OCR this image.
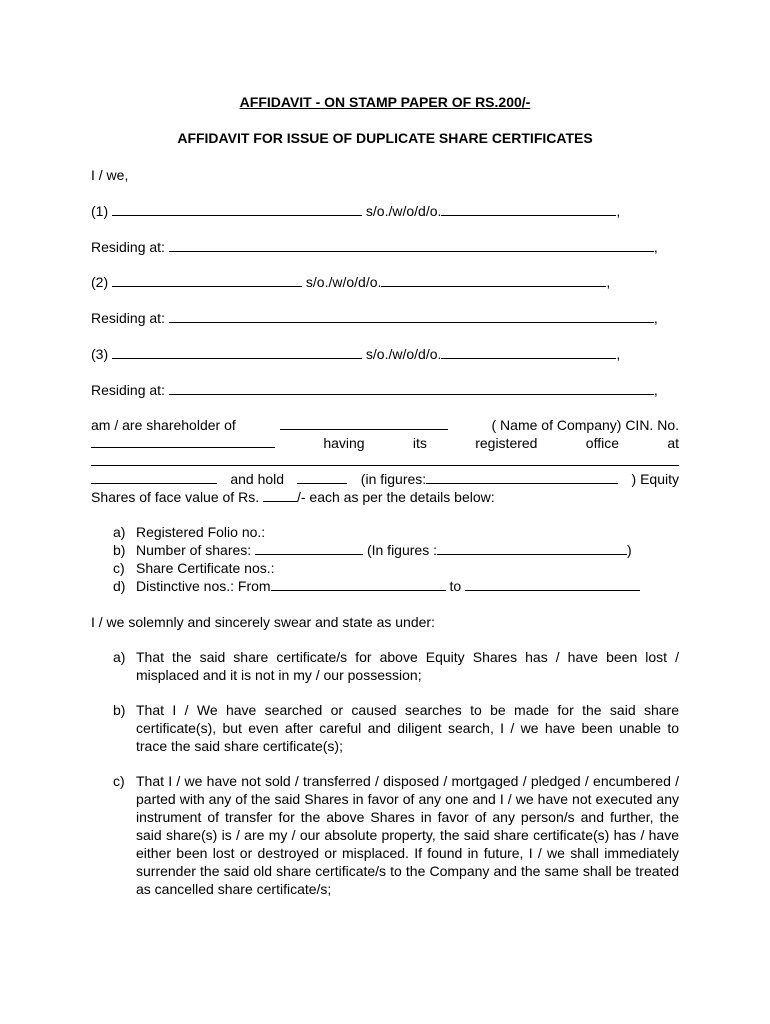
AFFIDAVIT - ON STAMP PAPER OF RS.200/-
AFFIDAVIT FOR ISSUE OF DUPLICATE SHARE CERTIFICATES
I / we,
(1)	s/o./w/o/d/o.	,
Residing at:	,
(2)	s/o./w/o/d/o.	,
Residing at:	,
(3)	s/o./w/o/d/o.	,
Residing at:	,
am / are shareholder of	( Name of Company) CIN. No.
having	its	registered	office	at
and hold	(in figures:	) Equity
Shares of face value of Rs.	/- each as per the details below:
a) Registered Folio no.:
b) Number of shares:	(In figures :	)
c) Share Certificate nos.:
d) Distinctive nos.: From	to
I / we solemnly and sincerely swear and state as under:
a) That the said share certificate/s for above Equity Shares has / have been lost / misplaced and it is not in my / our possession;
b) That I / We have searched or caused searches to be made for the said share certificate(s), but even after careful and diligent search, I / we have been unable to trace the said share certificate(s);
c) That I / we have not sold / transferred / disposed / mortgaged / pledged / encumbered / parted with any of the said Shares in favor of any one and I / we have not executed any instrument of transfer for the above Shares in favor of any person/s and further, the said share(s) is / are my / our absolute property, the said share certificate(s) has / have either been lost or destroyed or misplaced. If found in future, I / we shall immediately surrender the said old share certificate/s to the Company and the same shall be treated as cancelled share certificate/s;
